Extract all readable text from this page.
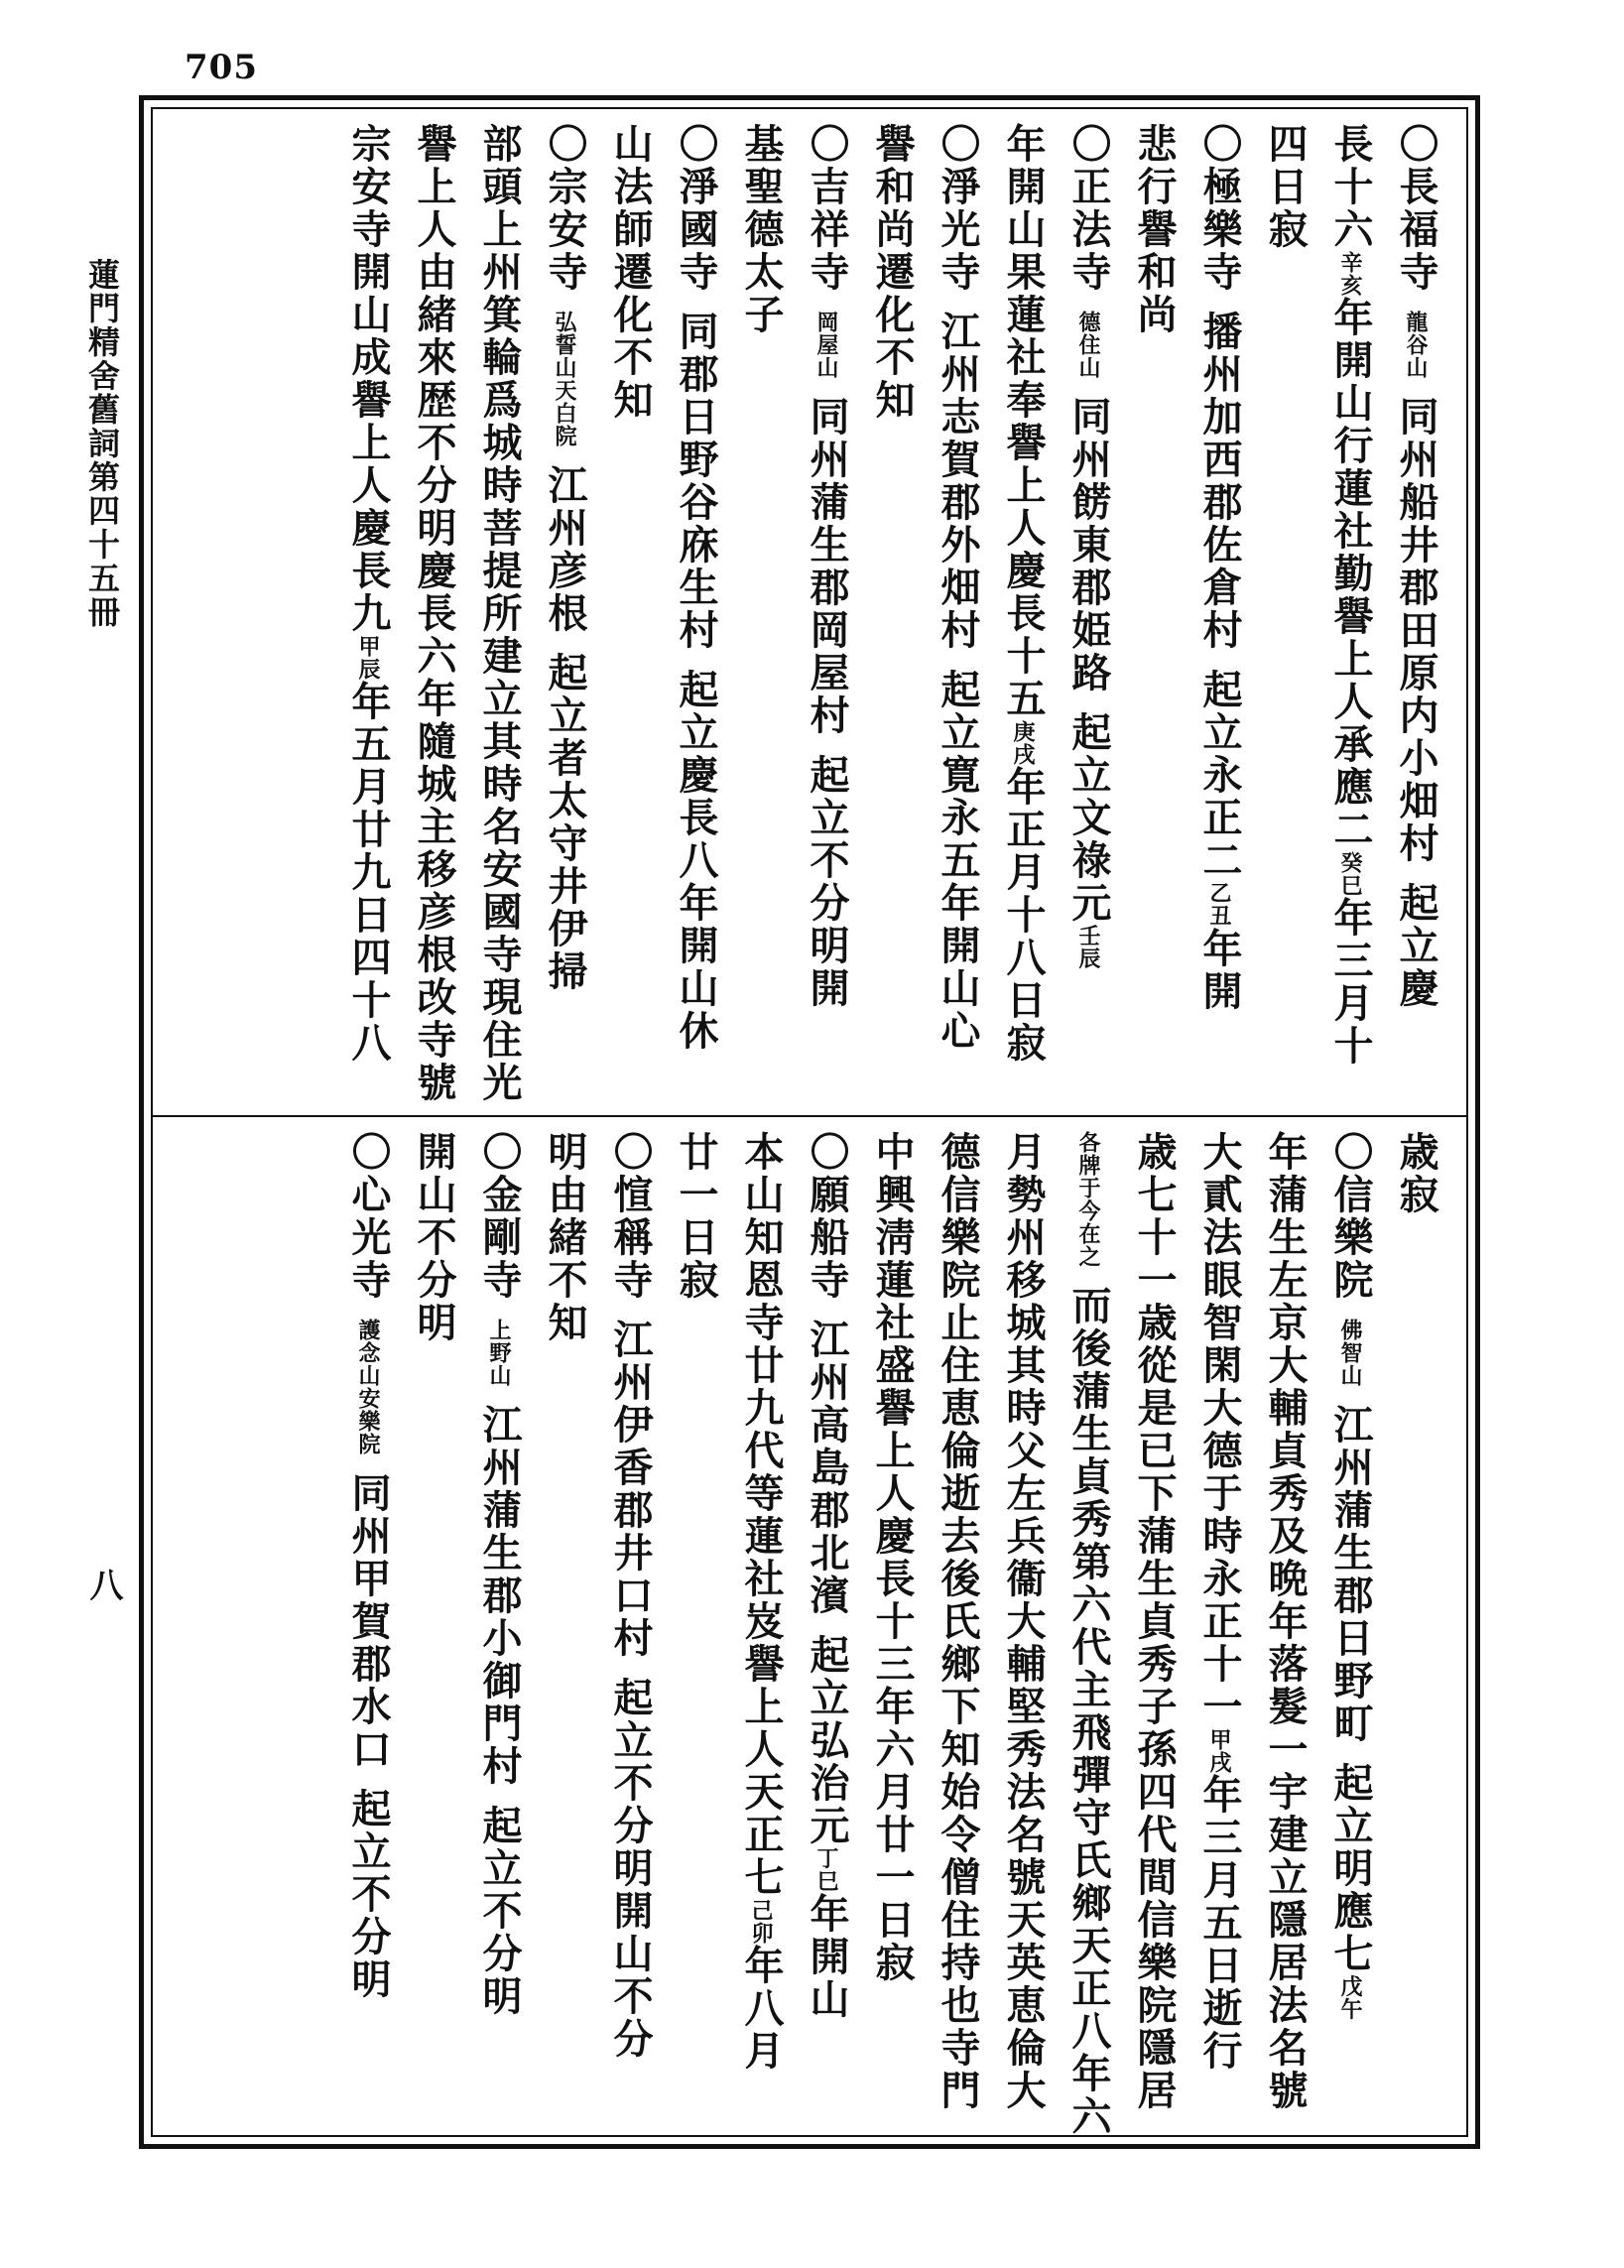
705
蓮門精舍舊詞第四十五冊
八
〇長福寺 龍谷山 同州船井郡田原内小畑村 起立慶
長十六辛亥年開山行蓮社勤譽上人承應二癸巳年三月十
四日寂
〇極樂寺 播州加西郡佐倉村 起立永正二乙丑年開
悲行譽和尚
〇正法寺 德住山 同州餝東郡姫路 起立文祿元壬辰
年開山果蓮社奉譽上人慶長十五庚戌年正月十八日寂
〇淨光寺 江州志賀郡外畑村 起立寛永五年開山心
譽和尚遷化不知
〇吉祥寺 岡屋山 同州蒲生郡岡屋村 起立不分明開
基聖德太子
〇淨國寺 同郡日野谷庥生村 起立慶長八年開山休
山法師遷化不知
〇宗安寺 弘誓山天白院 江州彦根 起立者太守井伊掃
部頭上州箕輪爲城時菩提所建立其時名安國寺現住光
譽上人由緒來歴不分明慶長六年隨城主移彦根改寺號
宗安寺開山成譽上人慶長九甲辰年五月廿九日四十八
歳寂
〇信樂院 佛智山 江州蒲生郡日野町 起立明應七戊午
年蒲生左京大輔貞秀及晩年落髮一宇建立隱居法名號
大貳法眼智閑大德于時永正十一甲戌年三月五日逝行
歳七十一歳從是已下蒲生貞秀子孫四代間信樂院隱居
各牌于今在之 而後蒲生貞秀第六代主飛彈守氏鄉天正八年六
月勢州移城其時父左兵衞大輔堅秀法名號天英恵倫大
德信樂院止住恵倫逝去後氏鄉下知始令僧住持也寺門
中興淸蓮社盛譽上人慶長十三年六月廿一日寂
〇願船寺 江州高島郡北濱 起立弘治元丁巳年開山
本山知恩寺廿九代等蓮社岌譽上人天正七己卯年八月
廿一日寂
〇愃稱寺 江州伊香郡井口村 起立不分明開山不分
明由緒不知
〇金剛寺 上野山 江州蒲生郡小御門村 起立不分明
開山不分明
〇心光寺 護念山安樂院 同州甲賀郡水口 起立不分明
